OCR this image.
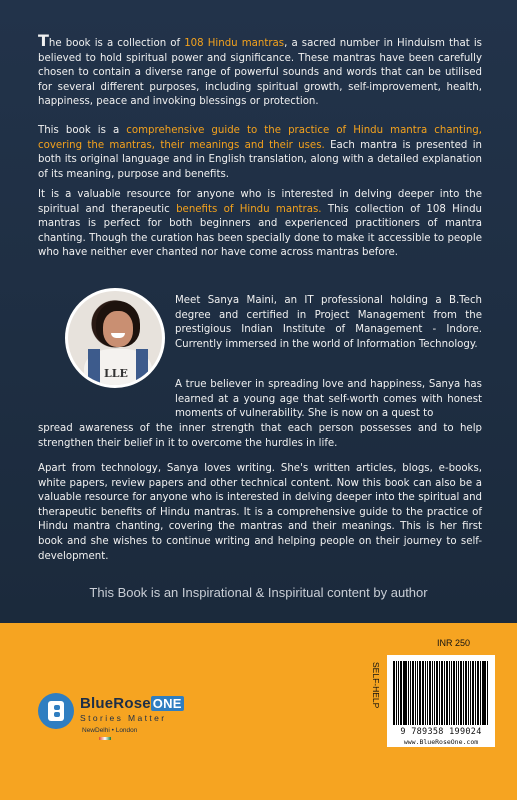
The book is a collection of 108 Hindu mantras, a sacred number in Hinduism that is believed to hold spiritual power and significance. These mantras have been carefully chosen to contain a diverse range of powerful sounds and words that can be utilised for several different purposes, including spiritual growth, self-improvement, health, happiness, peace and invoking blessings or protection.
This book is a comprehensive guide to the practice of Hindu mantra chanting, covering the mantras, their meanings and their uses. Each mantra is presented in both its original language and in English translation, along with a detailed explanation of its meaning, purpose and benefits.
It is a valuable resource for anyone who is interested in delving deeper into the spiritual and therapeutic benefits of Hindu mantras. This collection of 108 Hindu mantras is perfect for both beginners and experienced practitioners of mantra chanting. Though the curation has been specially done to make it accessible to people who have neither ever chanted nor have come across mantras before.
LLE
Meet Sanya Maini, an IT professional holding a B.Tech degree and certified in Project Management from the prestigious Indian Institute of Management - Indore. Currently immersed in the world of Information Technology.
A true believer in spreading love and happiness, Sanya has learned at a young age that self-worth comes with honest moments of vulnerability. She is now on a quest to
spread awareness of the inner strength that each person possesses and to help strengthen their belief in it to overcome the hurdles in life.
Apart from technology, Sanya loves writing. She's written articles, blogs, e-books, white papers, review papers and other technical content. Now this book can also be a valuable resource for anyone who is interested in delving deeper into the spiritual and therapeutic benefits of Hindu mantras. It is a comprehensive guide to the practice of Hindu mantra chanting, covering the mantras and their meanings. This is her first book and she wishes to continue writing and helping people on their journey to self-development.
This Book is an Inspirational & Inspiritual content by author
BlueRose ONE
Stories Matter
NewDelhi • London
INR 250
SELF-HELP
9 789358 199024
www.BlueRoseOne.com
